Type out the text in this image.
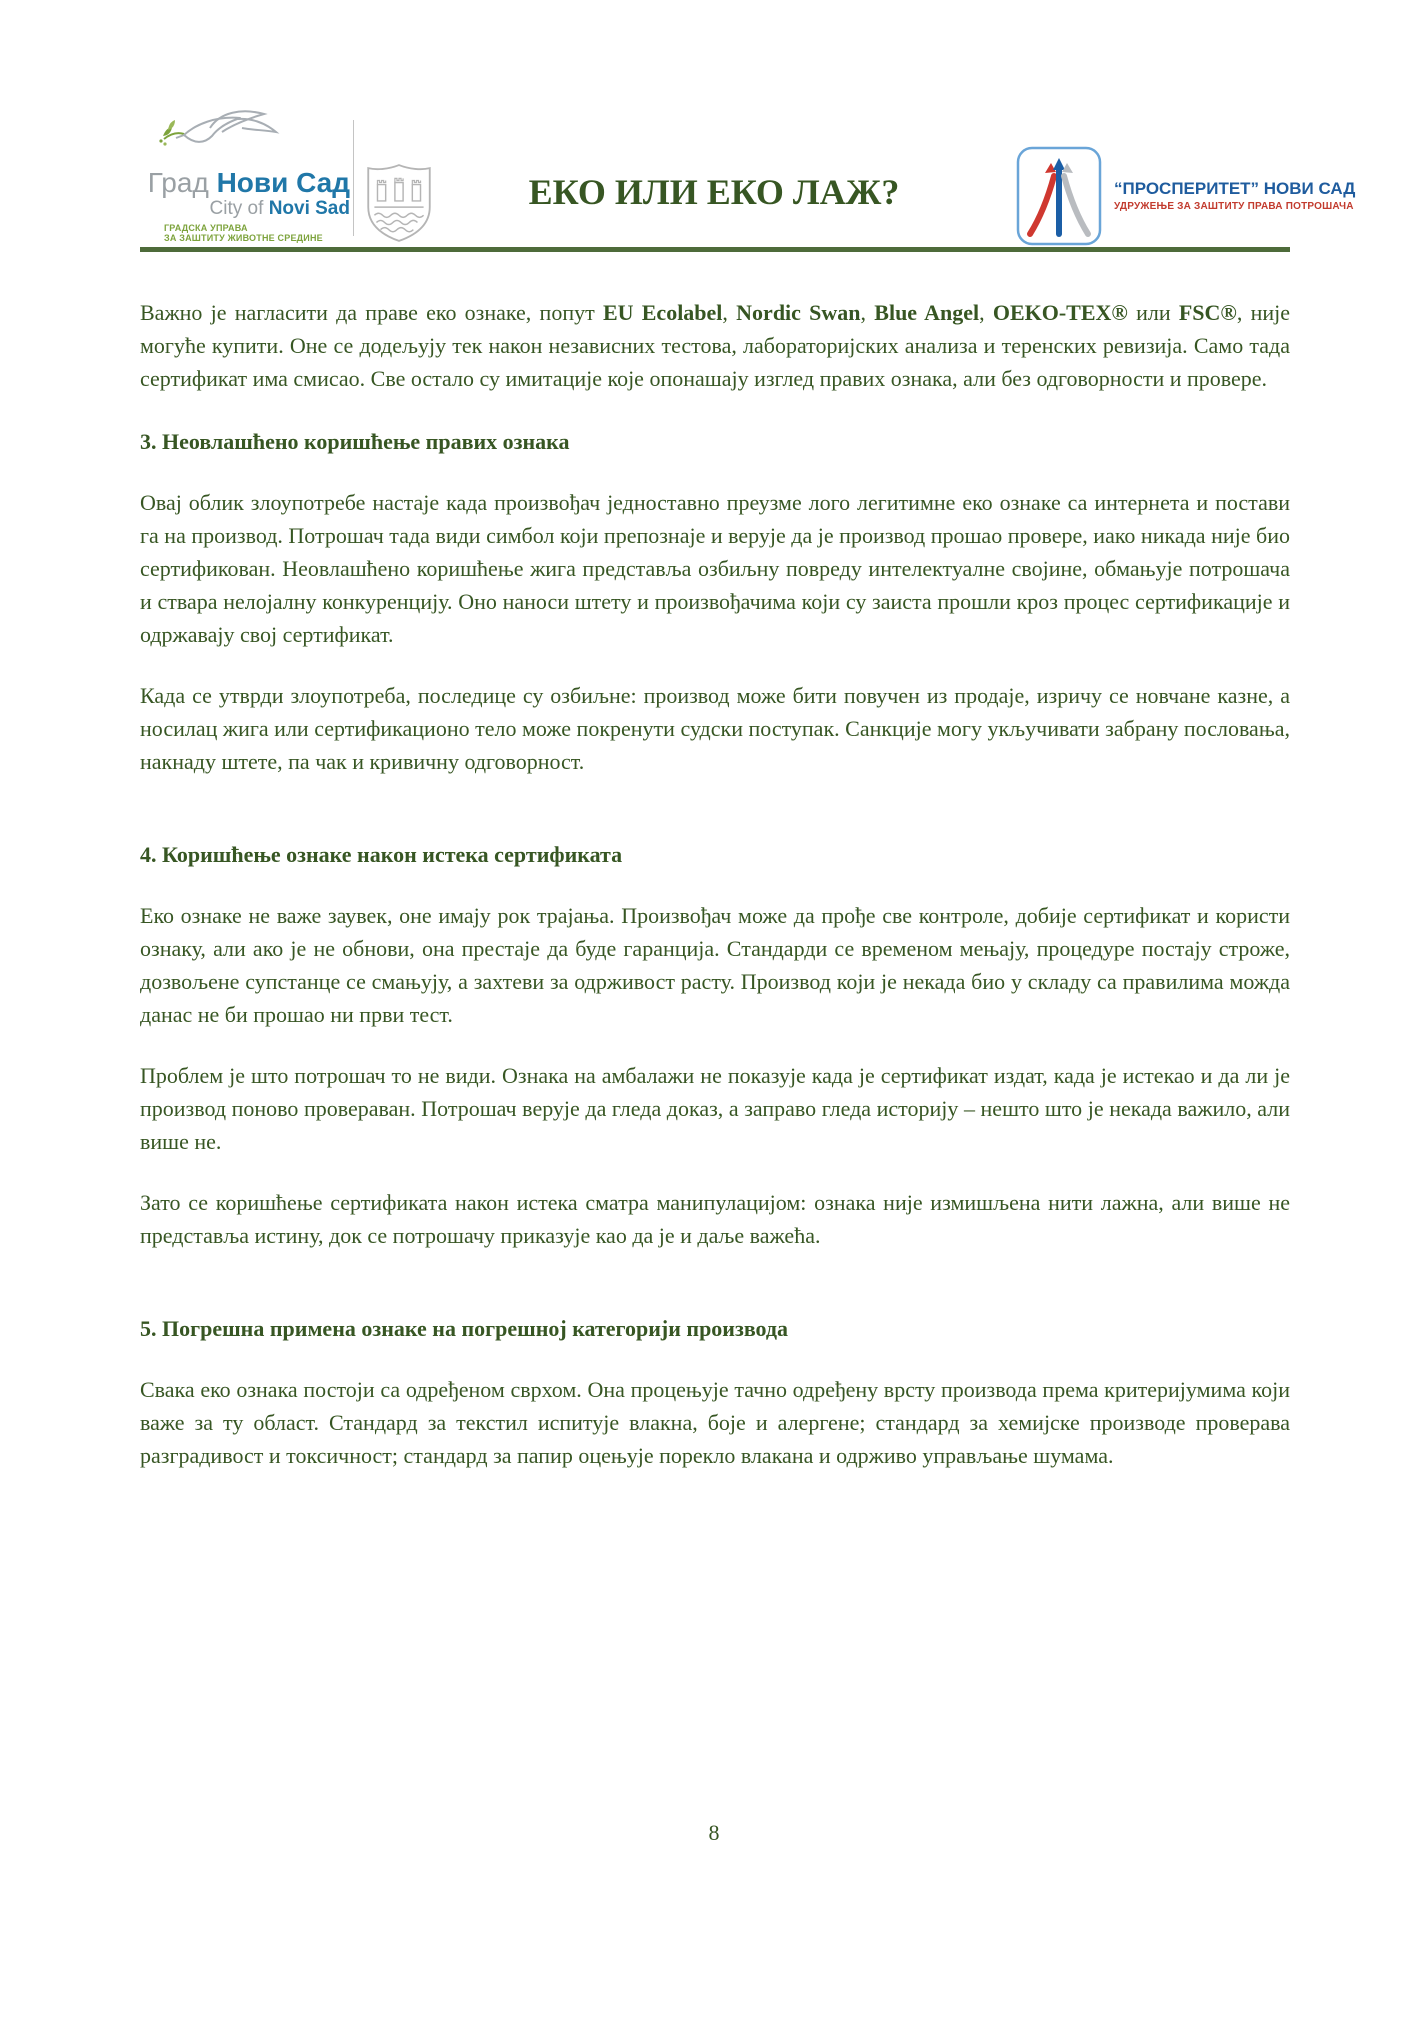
Град Нови Сад
City of Novi Sad
ГРАДСКА УПРАВА
ЗА ЗАШТИТУ ЖИВОТНЕ СРЕДИНЕ
ЕКО ИЛИ ЕКО ЛАЖ?	“ПРОСПЕРИТЕТ” НОВИ САД
УДРУЖЕЊЕ ЗА ЗАШТИТУ ПРАВА ПОТРОШАЧА

Важно је нагласити да праве еко ознаке, попут EU Ecolabel, Nordic Swan, Blue Angel, OEKO-TEX® или FSC®, није могуће купити. Оне се додељују тек након независних тестова, лабораторијских анализа и теренских ревизија. Само тада сертификат има смисао. Све остало су имитације које опонашају изглед правих ознака, али без одговорности и провере.

3. Неовлашћено коришћење правих ознака

Овај облик злоупотребе настаје када произвођач једноставно преузме лого легитимне еко ознаке са интернета и постави га на производ. Потрошач тада види симбол који препознаје и верује да је производ прошао провере, иако никада није био сертификован. Неовлашћено коришћење жига представља озбиљну повреду интелектуалне својине, обмањује потрошача и ствара нелојалну конкуренцију. Оно наноси штету и произвођачима који су заиста прошли кроз процес сертификације и одржавају свој сертификат.

Када се утврди злоупотреба, последице су озбиљне: производ може бити повучен из продаје, изричу се новчане казне, а носилац жига или сертификационо тело може покренути судски поступак. Санкције могу укључивати забрану пословања, накнаду штете, па чак и кривичну одговорност.

4. Коришћење ознаке након истека сертификата

Еко ознаке не важе заувек, оне имају рок трајања. Произвођач може да прође све контроле, добије сертификат и користи ознаку, али ако је не обнови, она престаје да буде гаранција. Стандарди се временом мењају, процедуре постају строже, дозвољене супстанце се смањују, а захтеви за одрживост расту. Производ који је некада био у складу са правилима можда данас не би прошао ни први тест.

Проблем је што потрошач то не види. Ознака на амбалажи не показује када је сертификат издат, када је истекао и да ли је производ поново провераван. Потрошач верује да гледа доказ, а заправо гледа историју – нешто што је некада важило, али више не.

Зато се коришћење сертификата након истека сматра манипулацијом: ознака није измишљена нити лажна, али више не представља истину, док се потрошачу приказује као да је и даље важећа.

5. Погрешна примена ознаке на погрешној категорији производа

Свака еко ознака постоји са одређеном сврхом. Она процењује тачно одређену врсту производа према критеријумима који важе за ту област. Стандард за текстил испитује влакна, боје и алергене; стандард за хемијске производе проверава разградивост и токсичност; стандард за папир оцењује порекло влакана и одрживо управљање шумама.

8
